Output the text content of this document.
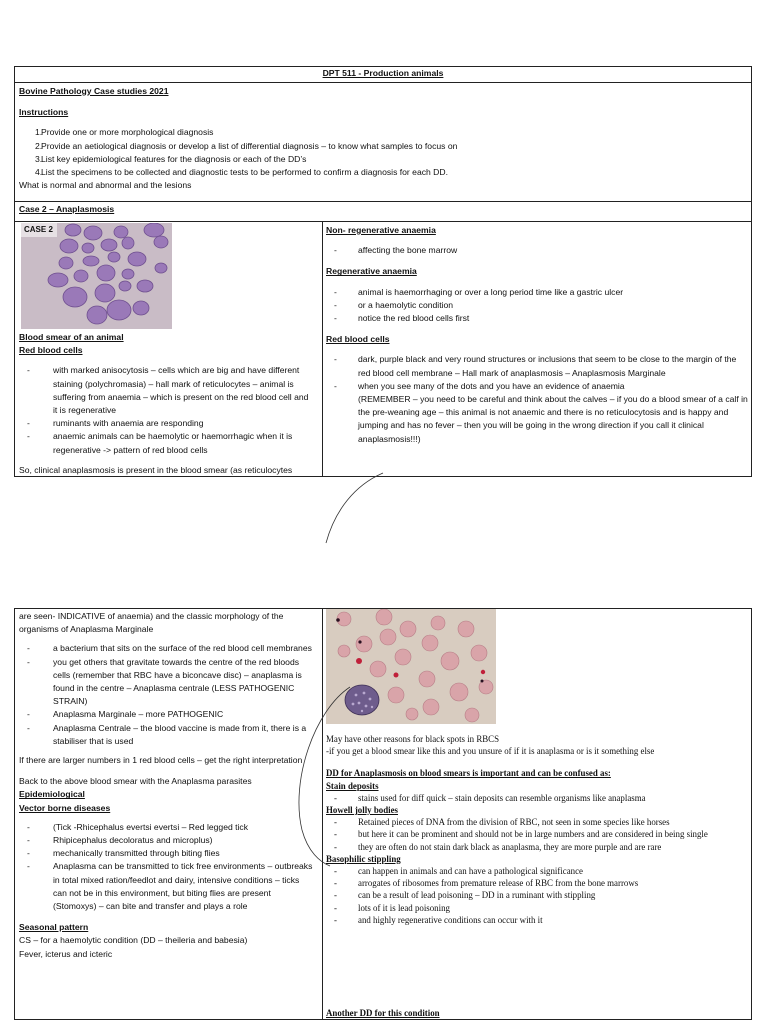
DPT 511 - Production animals
Bovine Pathology Case studies 2021
Instructions
1.
Provide one or more morphological diagnosis
2.
Provide an aetiological diagnosis or develop a list of differential diagnosis – to know what samples to focus on
3.
List key epidemiological features for the diagnosis or each of the DD’s
4.
List the specimens to be collected and diagnostic tests to be performed to confirm a diagnosis for each DD.
What is normal and abnormal and the lesions
Case 2 – Anaplasmosis
CASE 2
Blood smear of an animal
Red blood cells
- with marked anisocytosis – cells which are big and have different staining (polychromasia) – hall mark of reticulocytes – animal is suffering from anaemia – which is present on the red blood cell and it is regenerative
- ruminants with anaemia are responding
- anaemic animals can be haemolytic or haemorrhagic when it is regenerative -> pattern of red blood cells
So, clinical anaplasmosis is present in the blood smear (as reticulocytes
Non- regenerative anaemia
- affecting the bone marrow
Regenerative anaemia
- animal is haemorrhaging or over a long period time like a gastric ulcer
- or a haemolytic condition
- notice the red blood cells first
Red blood cells
- dark, purple black and very round structures or inclusions that seem to be close to the margin of the red blood cell membrane – Hall mark of anaplasmosis – Anaplasmosis Marginale
- when you see many of the dots and you have an evidence of anaemia
(REMEMBER – you need to be careful and think about the calves – if you do a blood smear of a calf in the pre-weaning age – this animal is not anaemic and there is no reticulocytosis and is happy and jumping and has no fever – then you will be going in the wrong direction if you call it clinical anaplasmosis!!!)
are seen- INDICATIVE of anaemia) and the classic morphology of the organisms of Anaplasma Marginale
- a bacterium that sits on the surface of the red blood cell membranes
- you get others that gravitate towards the centre of the red bloods cells (remember that RBC have a biconcave disc) – anaplasma is found in the centre – Anaplasma centrale (LESS PATHOGENIC STRAIN)
- Anaplasma Marginale – more PATHOGENIC
- Anaplasma Centrale – the blood vaccine is made from it, there is a stabiliser that is used
If there are larger numbers in 1 red blood cells – get the right interpretation
Back to the above blood smear with the Anaplasma parasites
Epidemiological
Vector borne diseases
- (Tick -Rhicephalus evertsi evertsi – Red legged tick
- Rhipicephalus decoloratus and microplus)
- mechanically transmitted through biting flies
- Anaplasma can be transmitted to tick free environments – outbreaks in total mixed ration/feedlot and dairy, intensive conditions – ticks can not be in this environment, but biting flies are present (Stomoxys) – can bite and transfer and plays a role
Seasonal pattern
CS – for a haemolytic condition (DD – theileria and babesia)
Fever, icterus and icteric
May have other reasons for black spots in RBCS
-if you get a blood smear like this and you unsure of if it is anaplasma or is it something else
DD for Anaplasmosis on blood smears is important and can be confused as:
Stain deposits
- stains used for diff quick – stain deposits can resemble organisms like anaplasma
Howell jolly bodies
- Retained pieces of DNA from the division of RBC, not seen in some species like horses
- but here it can be prominent and should not be in large numbers and are considered in being single
- they are often do not stain dark black as anaplasma, they are more purple and are rare
Basophilic stippling
- can happen in animals and can have a pathological significance
- arrogates of ribosomes from premature release of RBC from the bone marrows
- can be a result of lead poisoning – DD in a ruminant with stippling
- lots of it is lead poisoning
- and highly regenerative conditions can occur with it
Another DD for this condition
